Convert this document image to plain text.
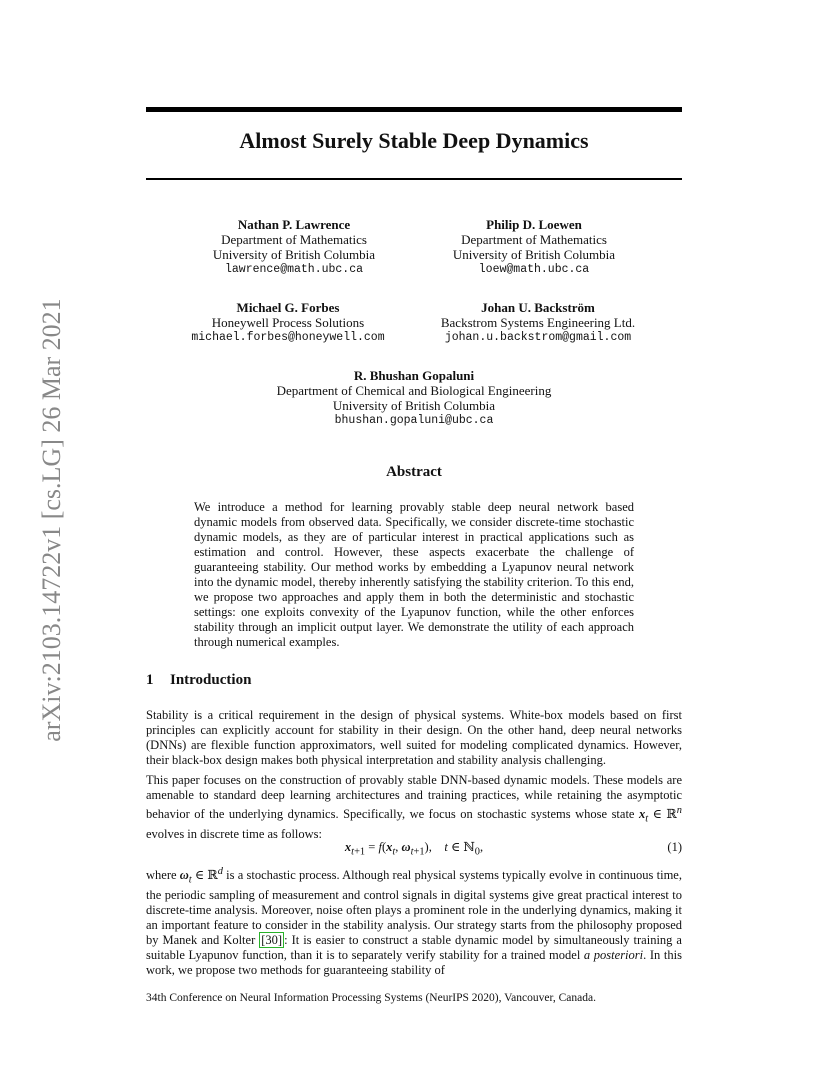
arXiv:2103.14722v1 [cs.LG] 26 Mar 2021
Almost Surely Stable Deep Dynamics
Nathan P. Lawrence
Department of Mathematics
University of British Columbia
lawrence@math.ubc.ca
Philip D. Loewen
Department of Mathematics
University of British Columbia
loew@math.ubc.ca
Michael G. Forbes
Honeywell Process Solutions
michael.forbes@honeywell.com
Johan U. Backström
Backstrom Systems Engineering Ltd.
johan.u.backstrom@gmail.com
R. Bhushan Gopaluni
Department of Chemical and Biological Engineering
University of British Columbia
bhushan.gopaluni@ubc.ca
Abstract

We introduce a method for learning provably stable deep neural network based dynamic models from observed data. Specifically, we consider discrete-time stochastic dynamic models, as they are of particular interest in practical applications such as estimation and control. However, these aspects exacerbate the challenge of guaranteeing stability. Our method works by embedding a Lyapunov neural network into the dynamic model, thereby inherently satisfying the stability criterion. To this end, we propose two approaches and apply them in both the deterministic and stochastic settings: one exploits convexity of the Lyapunov function, while the other enforces stability through an implicit output layer. We demonstrate the utility of each approach through numerical examples.

1 Introduction

Stability is a critical requirement in the design of physical systems. White-box models based on first principles can explicitly account for stability in their design. On the other hand, deep neural networks (DNNs) are flexible function approximators, well suited for modeling complicated dynamics. However, their black-box design makes both physical interpretation and stability analysis challenging.

This paper focuses on the construction of provably stable DNN-based dynamic models. These models are amenable to standard deep learning architectures and training practices, while retaining the asymptotic behavior of the underlying dynamics. Specifically, we focus on stochastic systems whose state $x_t$ ∈ ℝ$^n$ evolves in discrete time as follows:

$x_{t+1} = f(x_t$, $\omega_{t+1}$),    t ∈ ℕ$_0$,	(1)

where $\omega_t$ ∈ ℝ$^d$ is a stochastic process. Although real physical systems typically evolve in continuous time, the periodic sampling of measurement and control signals in digital systems give great practical interest to discrete-time analysis. Moreover, noise often plays a prominent role in the underlying dynamics, making it an important feature to consider in the stability analysis. Our strategy starts from the philosophy proposed by Manek and Kolter [30] : It is easier to construct a stable dynamic model by simultaneously training a suitable Lyapunov function, than it is to separately verify stability for a trained model a posteriori. In this work, we propose two methods for guaranteeing stability of

34th Conference on Neural Information Processing Systems (NeurIPS 2020), Vancouver, Canada.
